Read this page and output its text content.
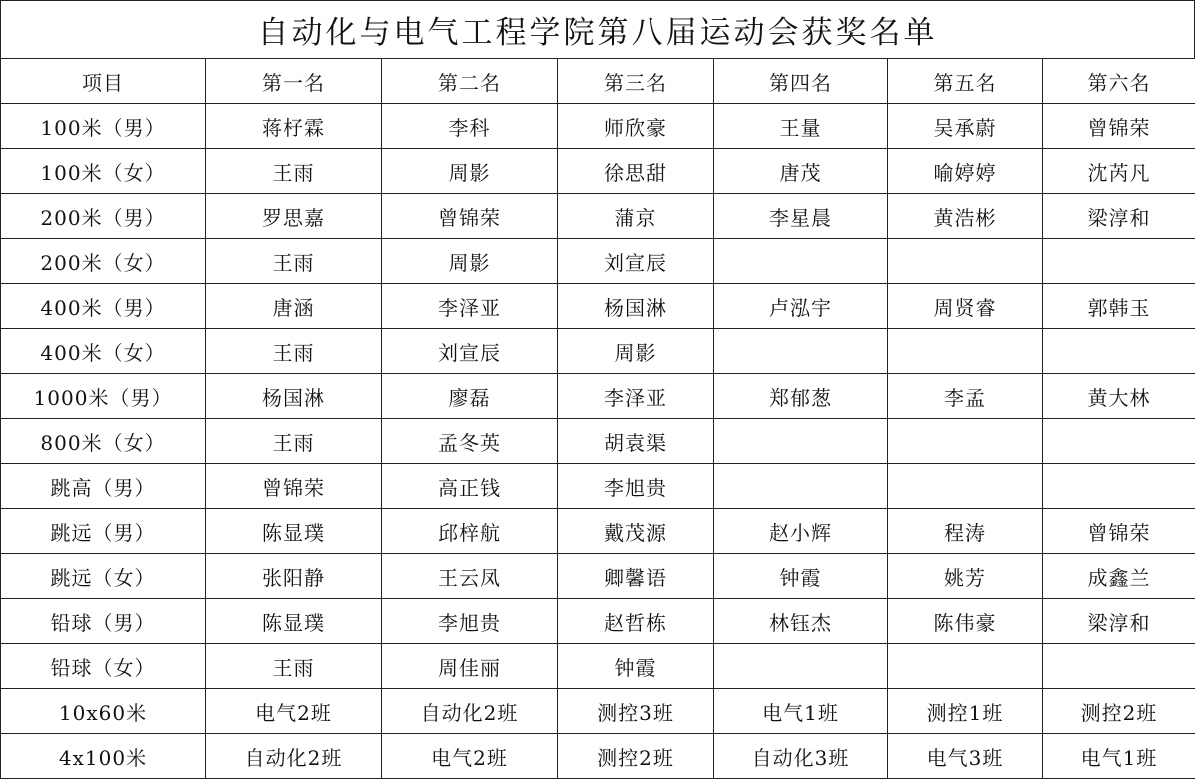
自动化与电气工程学院第八届运动会获奖名单
项目	第一名	第二名	第三名	第四名	第五名	第六名
100米（男）	蒋杍霖	李科	师欣豪	王量	吴承蔚	曾锦荣
100米（女）	王雨	周影	徐思甜	唐茂	喻婷婷	沈芮凡
200米（男）	罗思嘉	曾锦荣	蒲京	李星晨	黄浩彬	梁淳和
200米（女）	王雨	周影	刘宣辰			
400米（男）	唐涵	李泽亚	杨国淋	卢泓宇	周贤睿	郭韩玉
400米（女）	王雨	刘宣辰	周影			
1000米（男）	杨国淋	廖磊	李泽亚	郑郁葱	李孟	黄大林
800米（女）	王雨	孟冬英	胡袁渠			
跳高（男）	曾锦荣	高正钱	李旭贵			
跳远（男）	陈显璞	邱梓航	戴茂源	赵小辉	程涛	曾锦荣
跳远（女）	张阳静	王云凤	卿馨语	钟霞	姚芳	成鑫兰
铅球（男）	陈显璞	李旭贵	赵哲栋	林钰杰	陈伟豪	梁淳和
铅球（女）	王雨	周佳丽	钟霞			
10x60米	电气2班	自动化2班	测控3班	电气1班	测控1班	测控2班
4x100米	自动化2班	电气2班	测控2班	自动化3班	电气3班	电气1班
